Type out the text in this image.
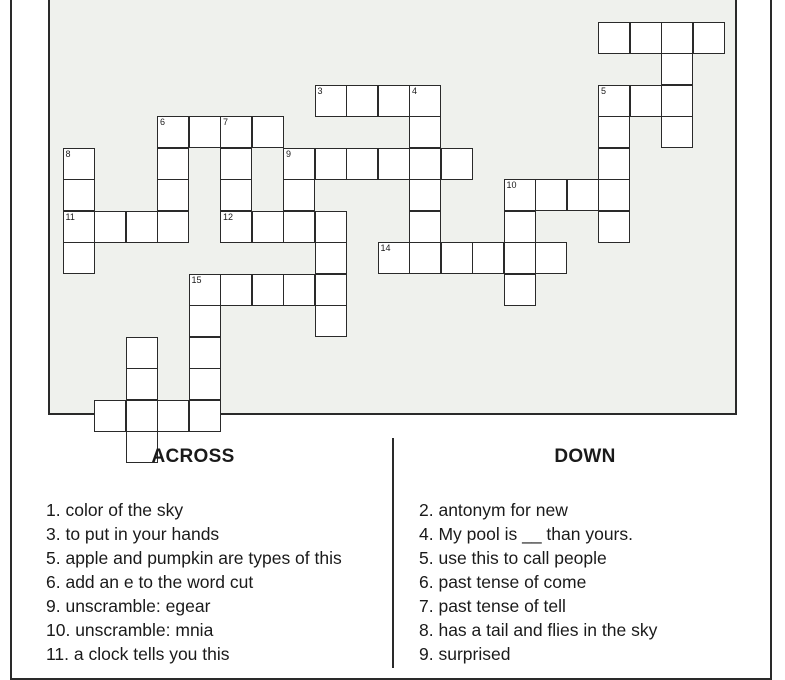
3	4	5
6	7
8	9
10
11	12
14
15
ACROSS	DOWN
1. color of the sky
3. to put in your hands
5. apple and pumpkin are types of this
6. add an e to the word cut
9. unscramble: egear
10. unscramble: mnia
11. a clock tells you this
2. antonym for new
4. My pool is __ than yours.
5. use this to call people
6. past tense of come
7. past tense of tell
8. has a tail and flies in the sky
9. surprised
